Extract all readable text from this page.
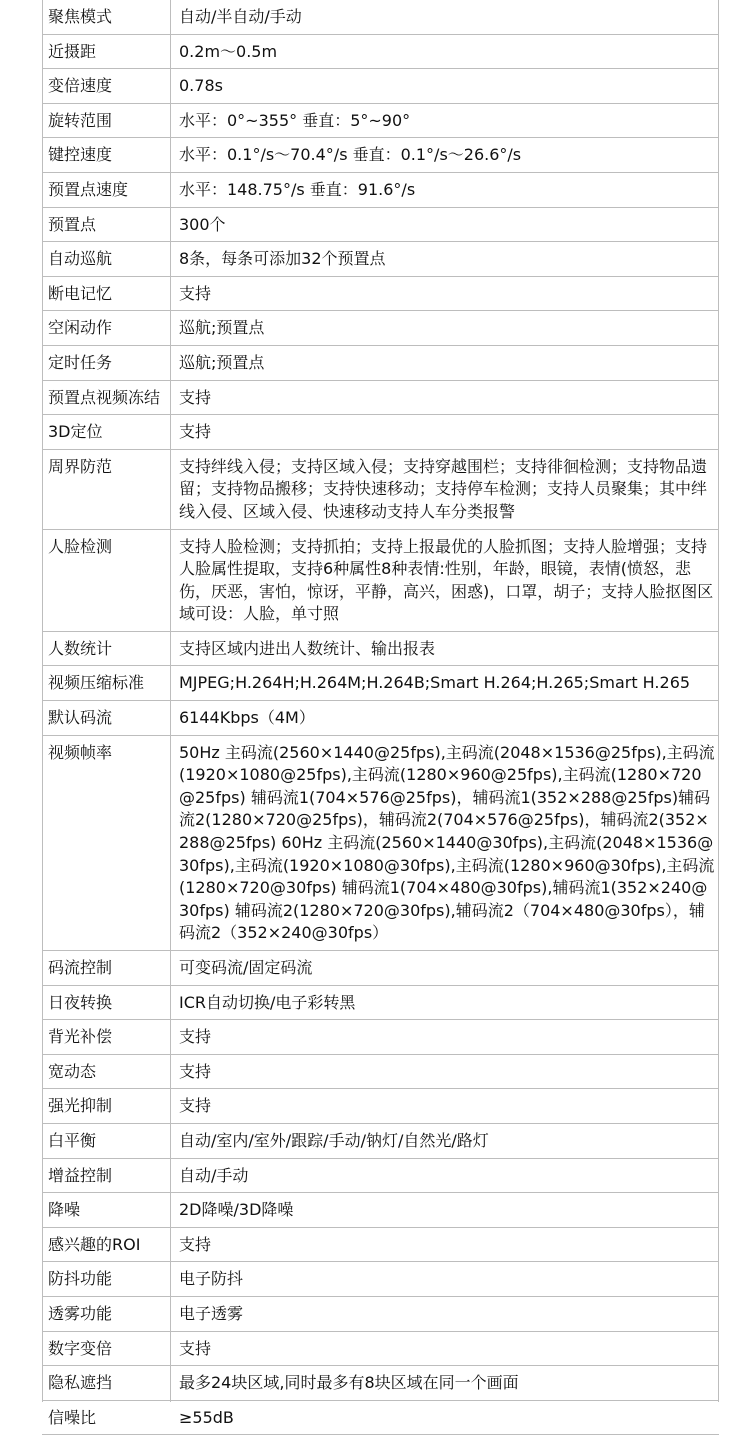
聚焦模式	自动/半自动/手动
近摄距	0.2m〜0.5m
变倍速度	0.78s
旋转范围	水平：0°~355° 垂直：5°~90°
键控速度	水平：0.1°/s〜70.4°/s 垂直：0.1°/s〜26.6°/s
预置点速度	水平：148.75°/s 垂直：91.6°/s
预置点	300个
自动巡航	8条，每条可添加32个预置点
断电记忆	支持
空闲动作	巡航;预置点
定时任务	巡航;预置点
预置点视频冻结	支持
3D定位	支持
周界防范	支持绊线入侵；支持区域入侵；支持穿越围栏；支持徘徊检测；支持物品遗留；支持物品搬移；支持快速移动；支持停车检测；支持人员聚集；其中绊线入侵、区域入侵、快速移动支持人车分类报警
人脸检测	支持人脸检测；支持抓拍；支持上报最优的人脸抓图；支持人脸增强；支持人脸属性提取，支持6种属性8种表情:性别，年龄，眼镜，表情(愤怒，悲伤，厌恶，害怕，惊讶，平静，高兴，困惑)，口罩，胡子；支持人脸抠图区域可设：人脸，单寸照
人数统计	支持区域内进出人数统计、输出报表
视频压缩标准	MJPEG;H.264H;H.264M;H.264B;Smart H.264;H.265;Smart H.265
默认码流	6144Kbps（4M）
视频帧率	50Hz 主码流(2560×1440@25fps),主码流(2048×1536@25fps),主码流(1920×1080@25fps),主码流(1280×960@25fps),主码流(1280×720@25fps) 辅码流1(704×576@25fps)，辅码流1(352×288@25fps)辅码流2(1280×720@25fps)，辅码流2(704×576@25fps)，辅码流2(352×288@25fps) 60Hz 主码流(2560×1440@30fps),主码流(2048×1536@30fps),主码流(1920×1080@30fps),主码流(1280×960@30fps),主码流(1280×720@30fps) 辅码流1(704×480@30fps),辅码流1(352×240@30fps) 辅码流2(1280×720@30fps),辅码流2（704×480@30fps），辅码流2（352×240@30fps）
码流控制	可变码流/固定码流
日夜转换	ICR自动切换/电子彩转黑
背光补偿	支持
宽动态	支持
强光抑制	支持
白平衡	自动/室内/室外/跟踪/手动/钠灯/自然光/路灯
增益控制	自动/手动
降噪	2D降噪/3D降噪
感兴趣的ROI	支持
防抖功能	电子防抖
透雾功能	电子透雾
数字变倍	支持
隐私遮挡	最多24块区域,同时最多有8块区域在同一个画面
信噪比	≥55dB
